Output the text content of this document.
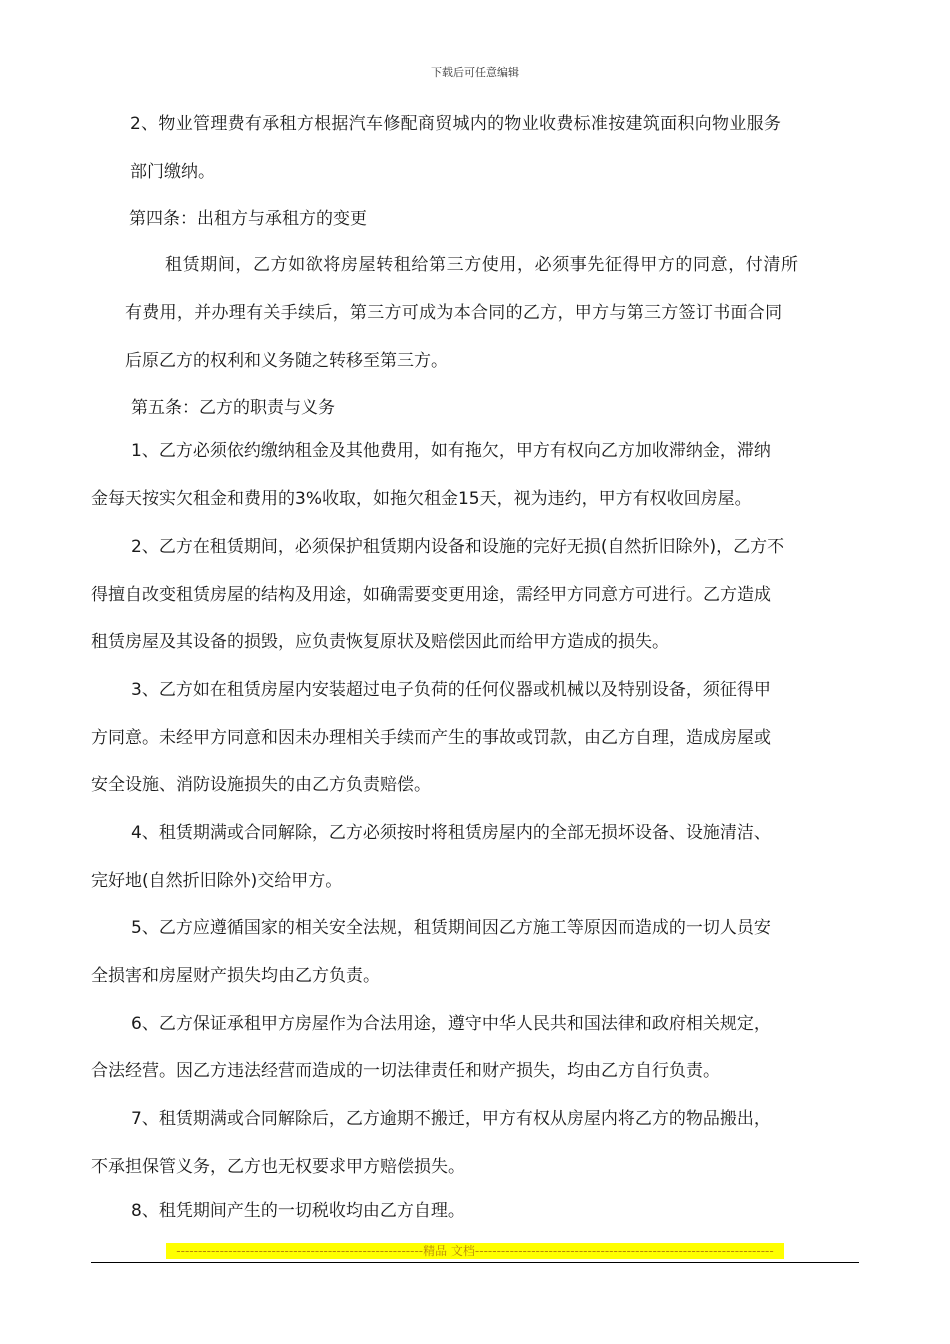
下载后可任意编辑
2、物业管理费有承租方根据汽车修配商贸城内的物业收费标准按建筑面积向物业服务
部门缴纳。
第四条：出租方与承租方的变更
租赁期间，乙方如欲将房屋转租给第三方使用，必须事先征得甲方的同意，付清所
有费用，并办理有关手续后，第三方可成为本合同的乙方，甲方与第三方签订书面合同
后原乙方的权利和义务随之转移至第三方。
第五条：乙方的职责与义务
1、乙方必须依约缴纳租金及其他费用，如有拖欠，甲方有权向乙方加收滞纳金，滞纳
金每天按实欠租金和费用的3%收取，如拖欠租金15天，视为违约，甲方有权收回房屋。
2、乙方在租赁期间，必须保护租赁期内设备和设施的完好无损(自然折旧除外)，乙方不
得擅自改变租赁房屋的结构及用途，如确需要变更用途，需经甲方同意方可进行。乙方造成
租赁房屋及其设备的损毁，应负责恢复原状及赔偿因此而给甲方造成的损失。
3、乙方如在租赁房屋内安装超过电子负荷的任何仪器或机械以及特别设备，须征得甲
方同意。未经甲方同意和因未办理相关手续而产生的事故或罚款，由乙方自理，造成房屋或
安全设施、消防设施损失的由乙方负责赔偿。
4、租赁期满或合同解除，乙方必须按时将租赁房屋内的全部无损坏设备、设施清洁、
完好地(自然折旧除外)交给甲方。
5、乙方应遵循国家的相关安全法规，租赁期间因乙方施工等原因而造成的一切人员安
全损害和房屋财产损失均由乙方负责。
6、乙方保证承租甲方房屋作为合法用途，遵守中华人民共和国法律和政府相关规定，
合法经营。因乙方违法经营而造成的一切法律责任和财产损失，均由乙方自行负责。
7、租赁期满或合同解除后，乙方逾期不搬迁，甲方有权从房屋内将乙方的物品搬出，
不承担保管义务，乙方也无权要求甲方赔偿损失。
8、租凭期间产生的一切税收均由乙方自理。
---------------------------------------------------------精品 文档---------------------------------------------------------------------
